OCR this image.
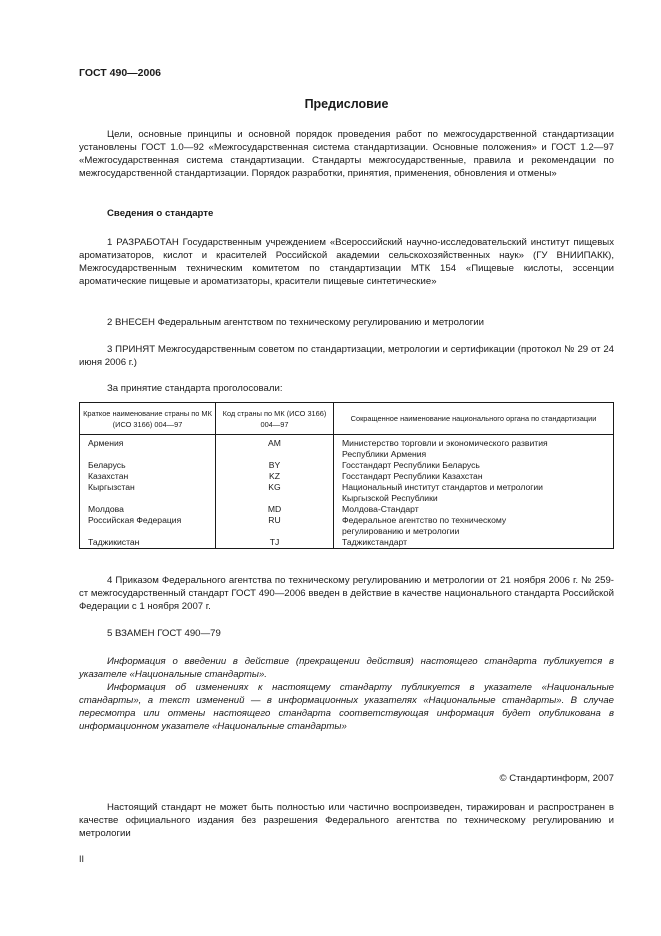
ГОСТ 490—2006
Предисловие
Цели, основные принципы и основной порядок проведения работ по межгосударственной стандартизации установлены ГОСТ 1.0—92 «Межгосударственная система стандартизации. Основные положения» и ГОСТ 1.2—97 «Межгосударственная система стандартизации. Стандарты межгосударственные, правила и рекомендации по межгосударственной стандартизации. Порядок разработки, принятия, применения, обновления и отмены»
Сведения о стандарте
1 РАЗРАБОТАН Государственным учреждением «Всероссийский научно-исследовательский институт пищевых ароматизаторов, кислот и красителей Российской академии сельскохозяйственных наук» (ГУ ВНИИПАКК), Межгосударственным техническим комитетом по стандартизации МТК 154 «Пищевые кислоты, эссенции ароматические пищевые и ароматизаторы, красители пищевые синтетические»
2 ВНЕСЕН Федеральным агентством по техническому регулированию и метрологии
3 ПРИНЯТ Межгосударственным советом по стандартизации, метрологии и сертификации (протокол № 29 от 24 июня 2006 г.)
За принятие стандарта проголосовали:
Краткое наименование страны по МК (ИСО 3166) 004—97	Код страны по МК (ИСО 3166) 004—97	Сокращенное наименование национального органа по стандартизации
Армения	AM	Министерство торговли и экономического развития
		Республики Армения
Беларусь	BY	Госстандарт Республики Беларусь
Казахстан	KZ	Госстандарт Республики Казахстан
Кыргызстан	KG	Национальный институт стандартов и метрологии
		Кыргызской Республики
Молдова	MD	Молдова-Стандарт
Российская Федерация	RU	Федеральное агентство по техническому
		регулированию и метрологии
Таджикистан	TJ	Таджикстандарт
4 Приказом Федерального агентства по техническому регулированию и метрологии от 21 ноября 2006 г. № 259-ст межгосударственный стандарт ГОСТ 490—2006 введен в действие в качестве национального стандарта Российской Федерации с 1 ноября 2007 г.
5 ВЗАМЕН ГОСТ 490—79
Информация о введении в действие (прекращении действия) настоящего стандарта публикуется в указателе «Национальные стандарты».
Информация об изменениях к настоящему стандарту публикуется в указателе «Национальные стандарты», а текст изменений — в информационных указателях «Национальные стандарты». В случае пересмотра или отмены настоящего стандарта соответствующая информация будет опубликована в информационном указателе «Национальные стандарты»
© Стандартинформ, 2007
Настоящий стандарт не может быть полностью или частично воспроизведен, тиражирован и распространен в качестве официального издания без разрешения Федерального агентства по техническому регулированию и метрологии
II
